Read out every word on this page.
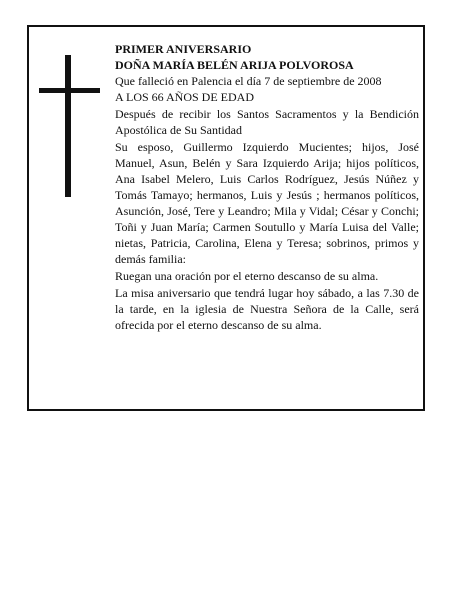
PRIMER ANIVERSARIO
DOÑA MARÍA BELÉN ARIJA POLVOROSA
Que falleció en Palencia el día 7 de septiembre de 2008
A LOS 66 AÑOS DE EDAD
Después de recibir los Santos Sacramentos y la Bendición Apostólica de Su Santidad
Su esposo, Guillermo Izquierdo Mucientes; hijos, José Manuel, Asun, Belén y Sara Izquierdo Arija; hijos políticos, Ana Isabel Melero, Luis Carlos Rodríguez, Jesús Núñez y Tomás Tamayo; hermanos, Luis y Jesús ; hermanos políticos, Asunción, José, Tere y Leandro; Mila y Vidal; César y Conchi; Toñi y Juan María; Carmen Soutullo y María Luisa del Valle; nietas, Patricia, Carolina, Elena y Teresa; sobrinos, primos y demás familia:
Ruegan una oración por el eterno descanso de su alma.
La misa aniversario que tendrá lugar hoy sábado, a las 7.30 de la tarde, en la iglesia de Nuestra Señora de la Calle, será ofrecida por el eterno descanso de su alma.
